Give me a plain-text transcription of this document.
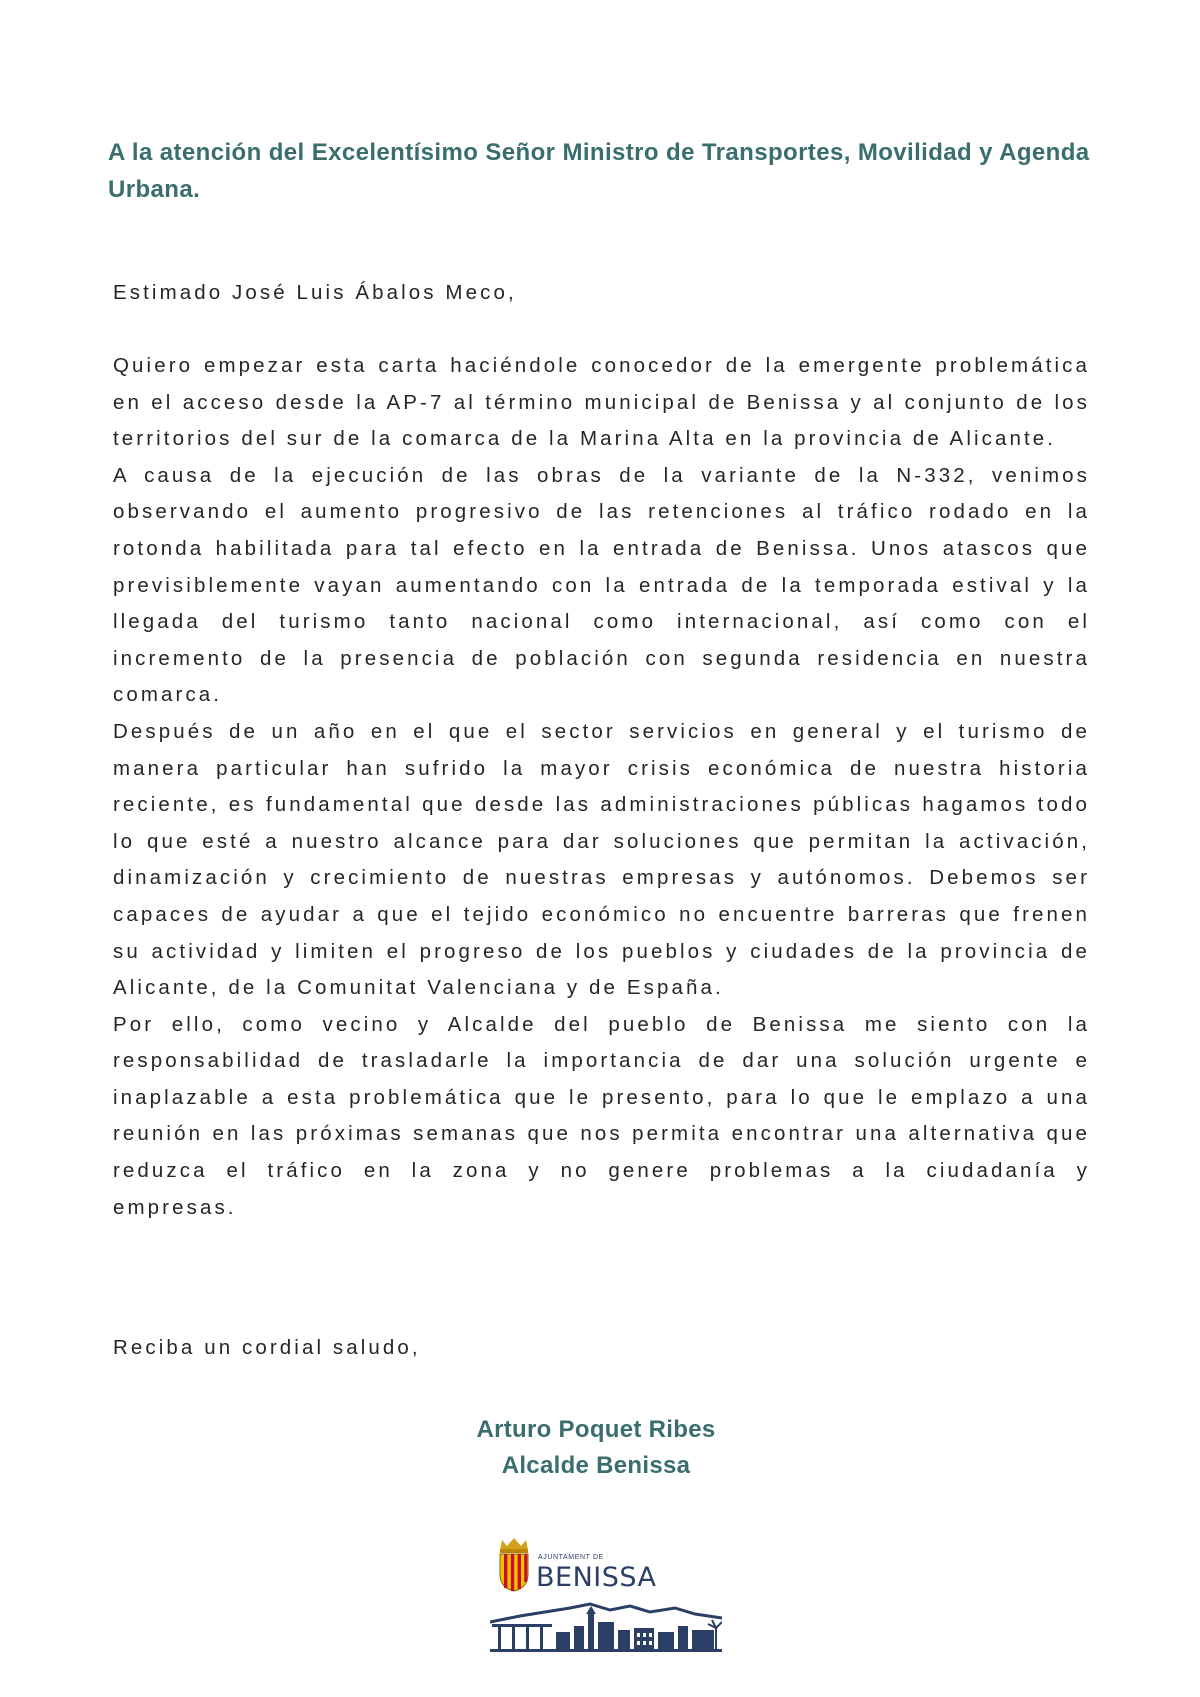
A la atención del Excelentísimo Señor Ministro de Transportes, Movilidad y Agenda Urbana.
Estimado José Luis Ábalos Meco,

Quiero empezar esta carta haciéndole conocedor de la emergente problemática en el acceso desde la AP-7 al término municipal de Benissa y al conjunto de los territorios del sur de la comarca de la Marina Alta en la provincia de Alicante.

A causa de la ejecución de las obras de la variante de la N-332, venimos observando el aumento progresivo de las retenciones al tráfico rodado en la rotonda habilitada para tal efecto en la entrada de Benissa. Unos atascos que previsiblemente vayan aumentando con la entrada de la temporada estival y la llegada del turismo tanto nacional como internacional, así como con el incremento de la presencia de población con segunda residencia en nuestra comarca.

Después de un año en el que el sector servicios en general y el turismo de manera particular han sufrido la mayor crisis económica de nuestra historia reciente, es fundamental que desde las administraciones públicas hagamos todo lo que esté a nuestro alcance para dar soluciones que permitan la activación, dinamización y crecimiento de nuestras empresas y autónomos. Debemos ser capaces de ayudar a que el tejido económico no encuentre barreras que frenen su actividad y limiten el progreso de los pueblos y ciudades de la provincia de Alicante, de la Comunitat Valenciana y de España.

Por ello, como vecino y Alcalde del pueblo de Benissa me siento con la responsabilidad de trasladarle la importancia de dar una solución urgente e inaplazable a esta problemática que le presento, para lo que le emplazo a una reunión en las próximas semanas que nos permita encontrar una alternativa que reduzca el tráfico en la zona y no genere problemas a la ciudadanía y empresas.

Reciba un cordial saludo,
Arturo Poquet Ribes
Alcalde Benissa
AJUNTAMENT DE
BENISSA
